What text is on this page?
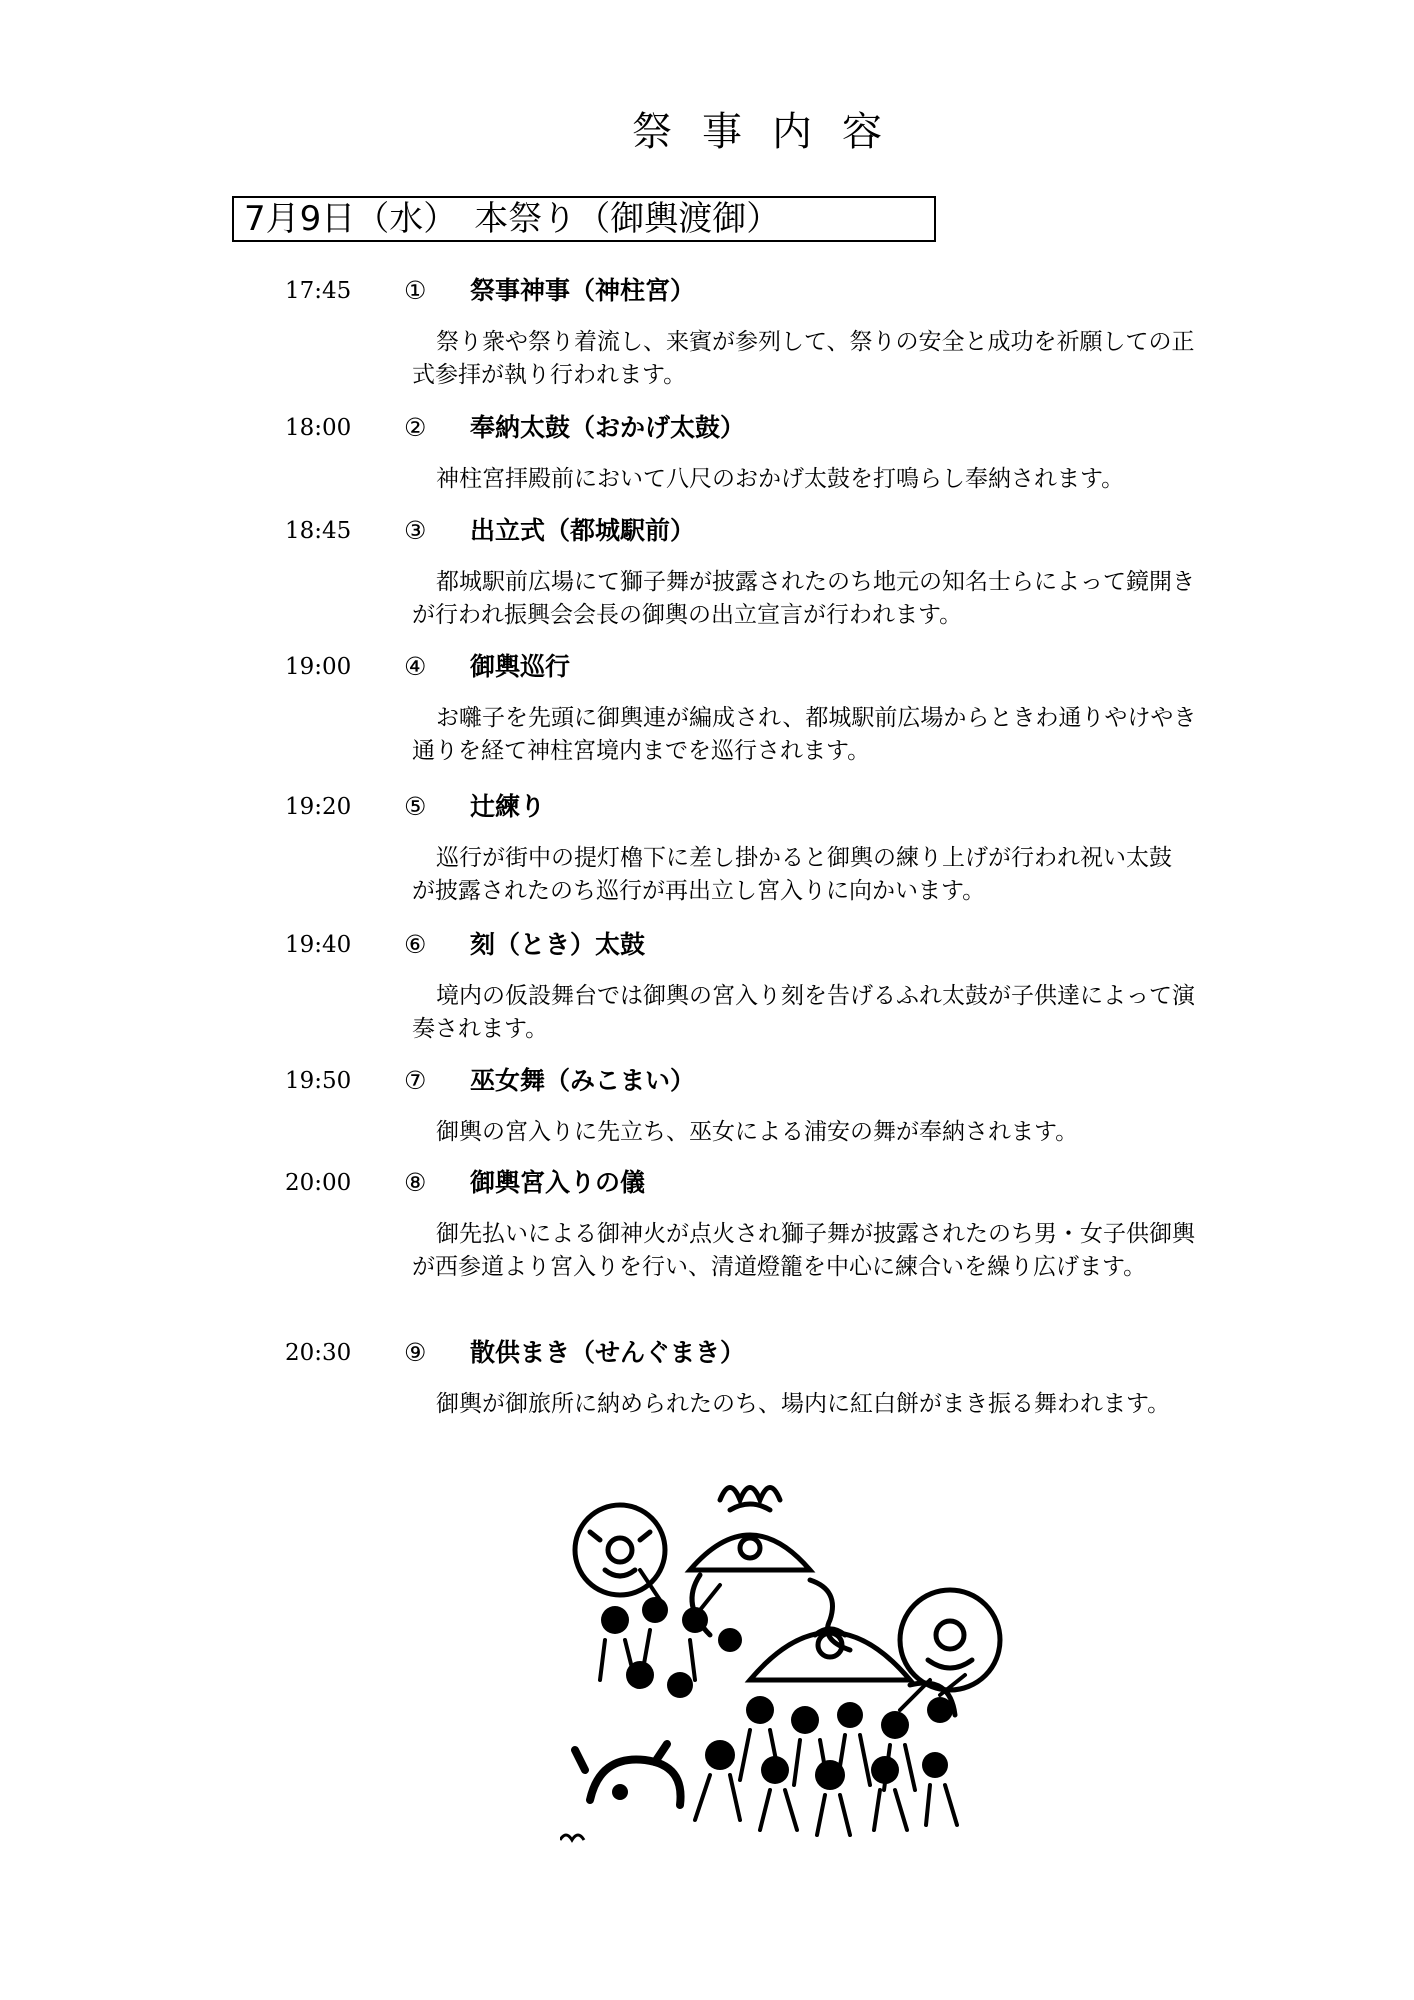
祭事内容
7月9日（水）　本祭り（御輿渡御）
17:45 ① 祭事神事（神柱宮）

祭り衆や祭り着流し、来賓が参列して、祭りの安全と成功を祈願しての正式参拝が執り行われます。

18:00 ② 奉納太鼓（おかげ太鼓）

神柱宮拝殿前において八尺のおかげ太鼓を打鳴らし奉納されます。

18:45 ③ 出立式（都城駅前）

都城駅前広場にて獅子舞が披露されたのち地元の知名士らによって鏡開きが行われ振興会会長の御輿の出立宣言が行われます。

19:00 ④ 御輿巡行

お囃子を先頭に御輿連が編成され、都城駅前広場からときわ通りやけやき通りを経て神柱宮境内までを巡行されます。

19:20 ⑤ 辻練り

巡行が街中の提灯櫓下に差し掛かると御輿の練り上げが行われ祝い太鼓が披露されたのち巡行が再出立し宮入りに向かいます。

19:40 ⑥ 刻（とき）太鼓

境内の仮設舞台では御輿の宮入り刻を告げるふれ太鼓が子供達によって演奏されます。

19:50 ⑦ 巫女舞（みこまい）

御輿の宮入りに先立ち、巫女による浦安の舞が奉納されます。

20:00 ⑧ 御輿宮入りの儀

御先払いによる御神火が点火され獅子舞が披露されたのち男・女子供御輿が西参道より宮入りを行い、清道燈籠を中心に練合いを繰り広げます。

20:30 ⑨ 散供まき（せんぐまき）

御輿が御旅所に納められたのち、場内に紅白餅がまき振る舞われます。
